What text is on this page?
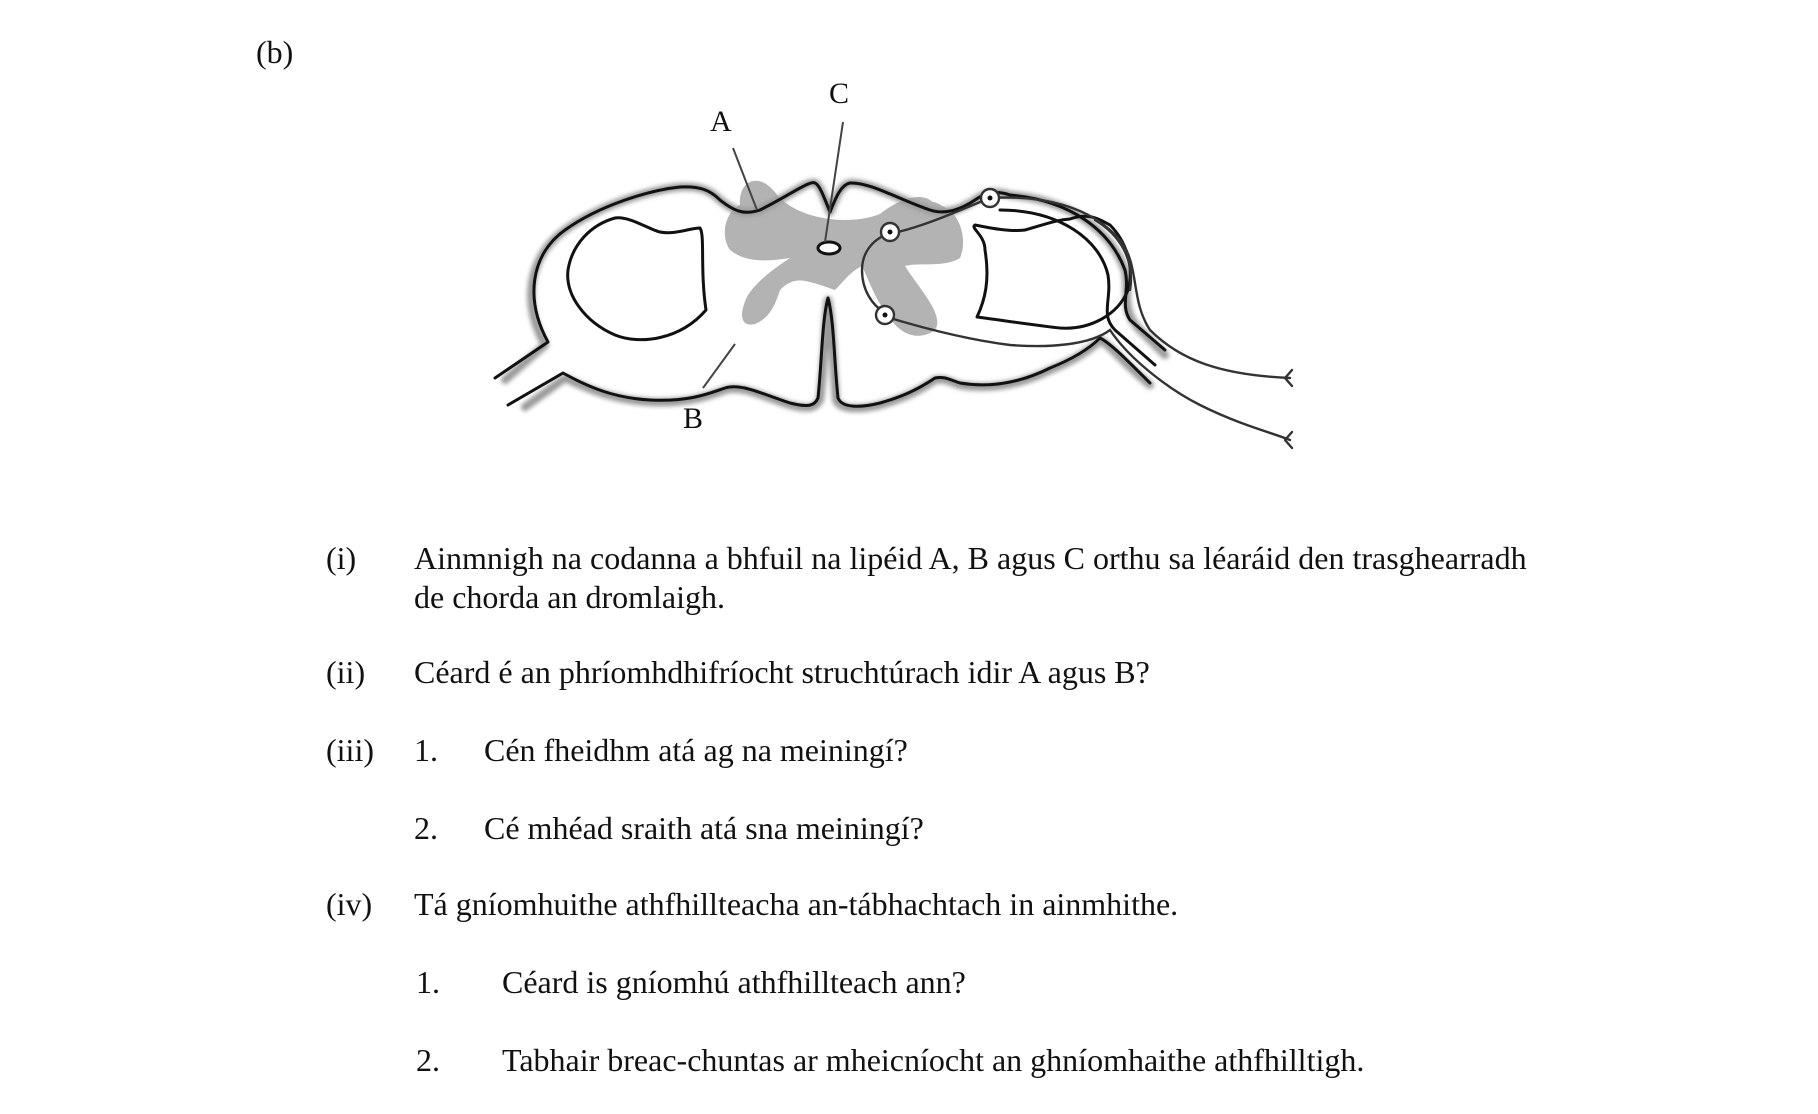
(b)
A
C
B
(i) Ainmnigh na codanna a bhfuil na lipéid A, B agus C orthu sa léaráid den trasghearradh
de chorda an dromlaigh.
(ii) Céard é an phríomhdhifríocht struchtúrach idir A agus B?
(iii) 1. Cén fheidhm atá ag na meiningí?
2. Cé mhéad sraith atá sna meiningí?
(iv) Tá gníomhuithe athfhillteacha an-tábhachtach in ainmhithe.
1. Céard is gníomhú athfhillteach ann?
2. Tabhair breac-chuntas ar mheicníocht an ghníomhaithe athfhilltigh.
